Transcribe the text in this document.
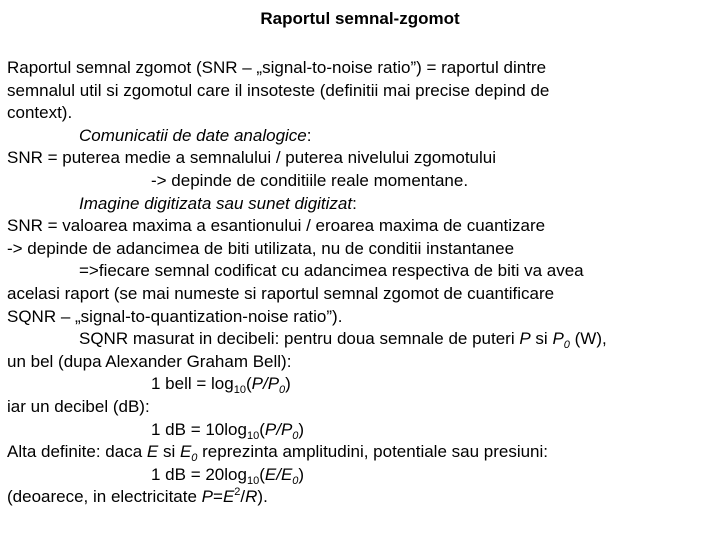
Raportul semnal-zgomot
Raportul semnal zgomot (SNR – „signal-to-noise ratio”) = raportul dintre
semnalul util si zgomotul care il insoteste (definitii mai precise depind de
context).
Comunicatii de date analogice:
SNR = puterea medie a semnalului / puterea nivelului zgomotului
-> depinde de conditiile reale momentane.
Imagine digitizata sau sunet digitizat:
SNR = valoarea maxima a esantionului / eroarea maxima de cuantizare
-> depinde de adancimea de biti utilizata, nu de conditii instantanee
=>fiecare semnal codificat cu adancimea respectiva de biti va avea
acelasi raport (se mai numeste si raportul semnal zgomot de cuantificare
SQNR – „signal-to-quantization-noise ratio”).
SQNR masurat in decibeli: pentru doua semnale de puteri P si $P_0$ (W),
un bel (dupa Alexander Graham Bell):
1 bell = $\log_{10}(P/P_0)$
iar un decibel (dB):
1 dB = $10\log_{10}(P/P_0)$
Alta definite: daca E si $E_0$ reprezinta amplitudini, potentiale sau presiuni:
1 dB = $20\log_{10}(E/E_0)$
(deoarece, in electricitate $P=E^2/R$).
